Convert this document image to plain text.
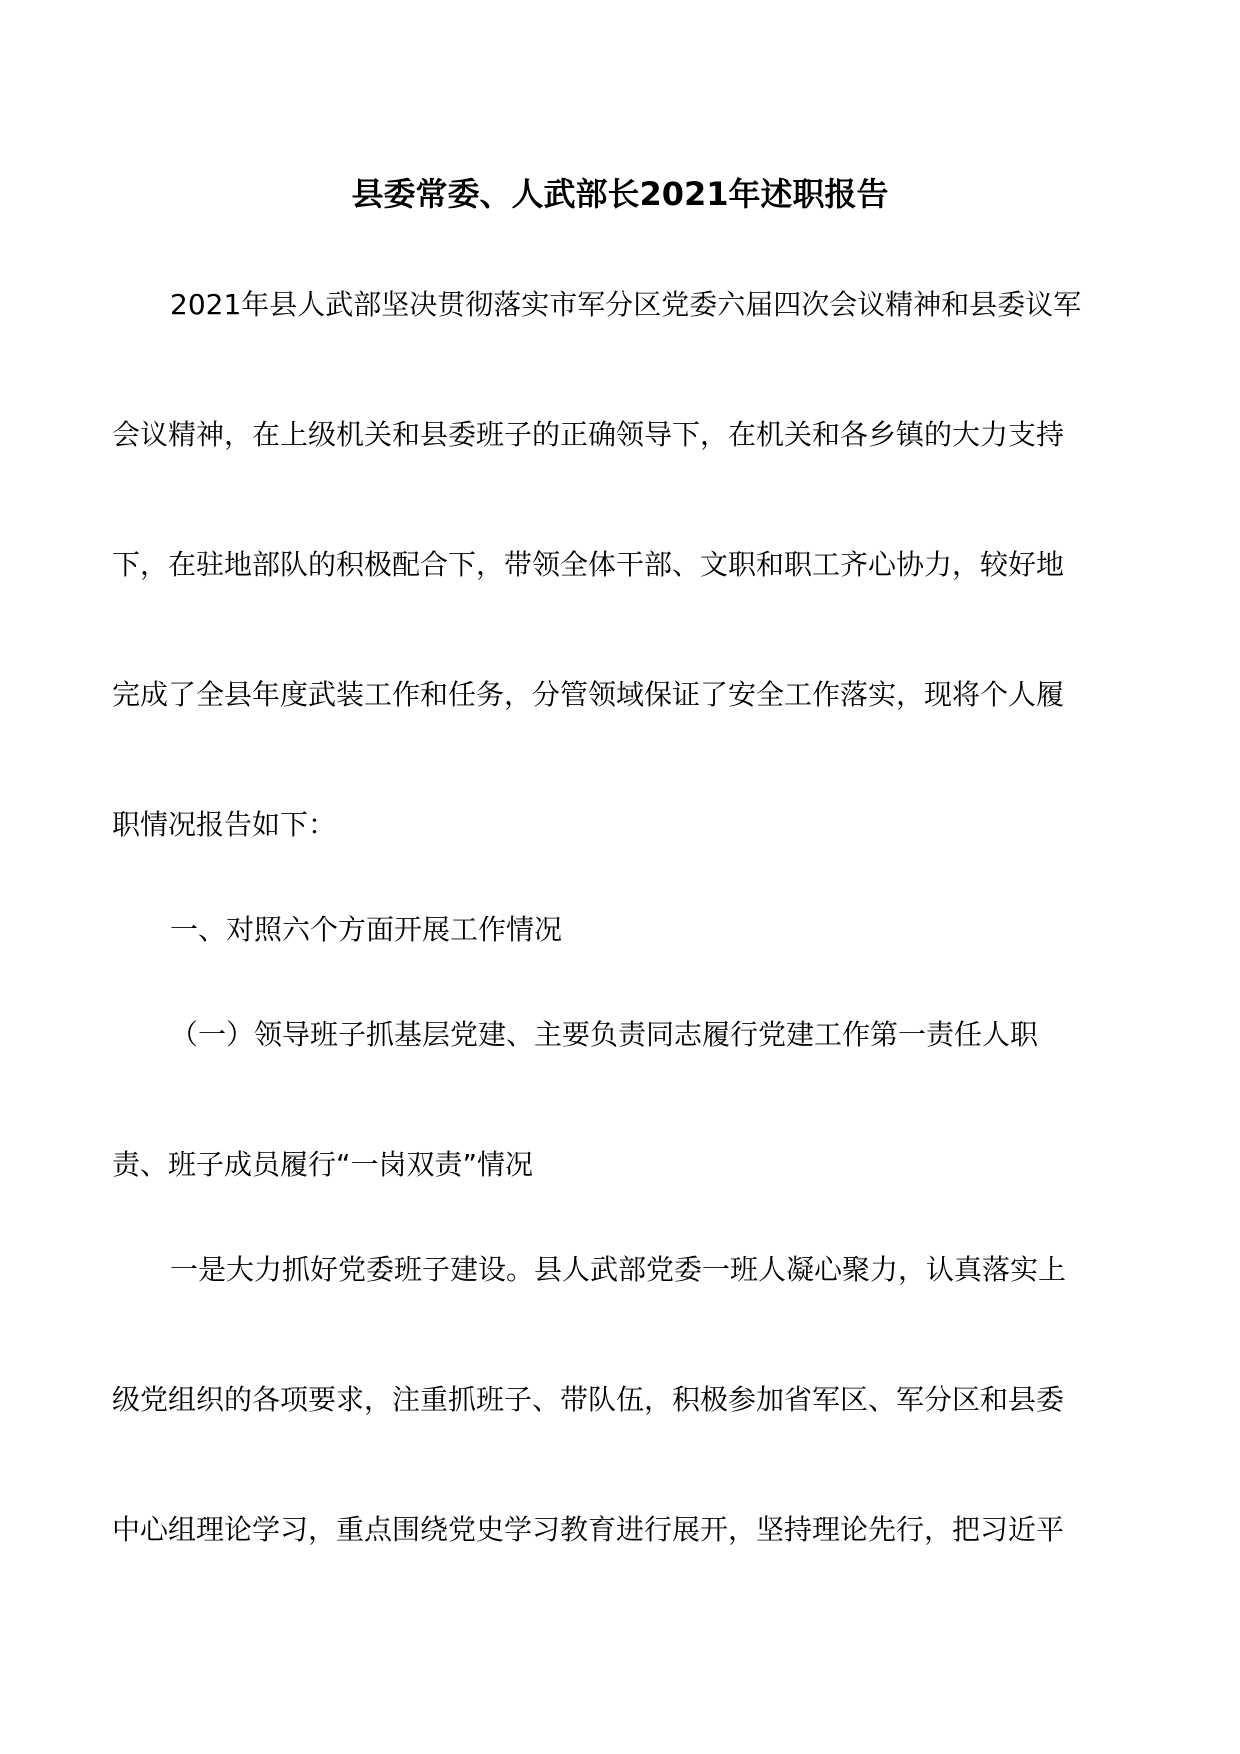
县委常委、人武部长2021年述职报告
2021年县人武部坚决贯彻落实市军分区党委六届四次会议精神和县委议军
会议精神，在上级机关和县委班子的正确领导下，在机关和各乡镇的大力支持
下，在驻地部队的积极配合下，带领全体干部、文职和职工齐心协力，较好地
完成了全县年度武装工作和任务，分管领域保证了安全工作落实，现将个人履
职情况报告如下：
一、对照六个方面开展工作情况
（一）领导班子抓基层党建、主要负责同志履行党建工作第一责任人职
责、班子成员履行“一岗双责”情况
一是大力抓好党委班子建设。县人武部党委一班人凝心聚力，认真落实上
级党组织的各项要求，注重抓班子、带队伍，积极参加省军区、军分区和县委
中心组理论学习，重点围绕党史学习教育进行展开，坚持理论先行，把习近平
